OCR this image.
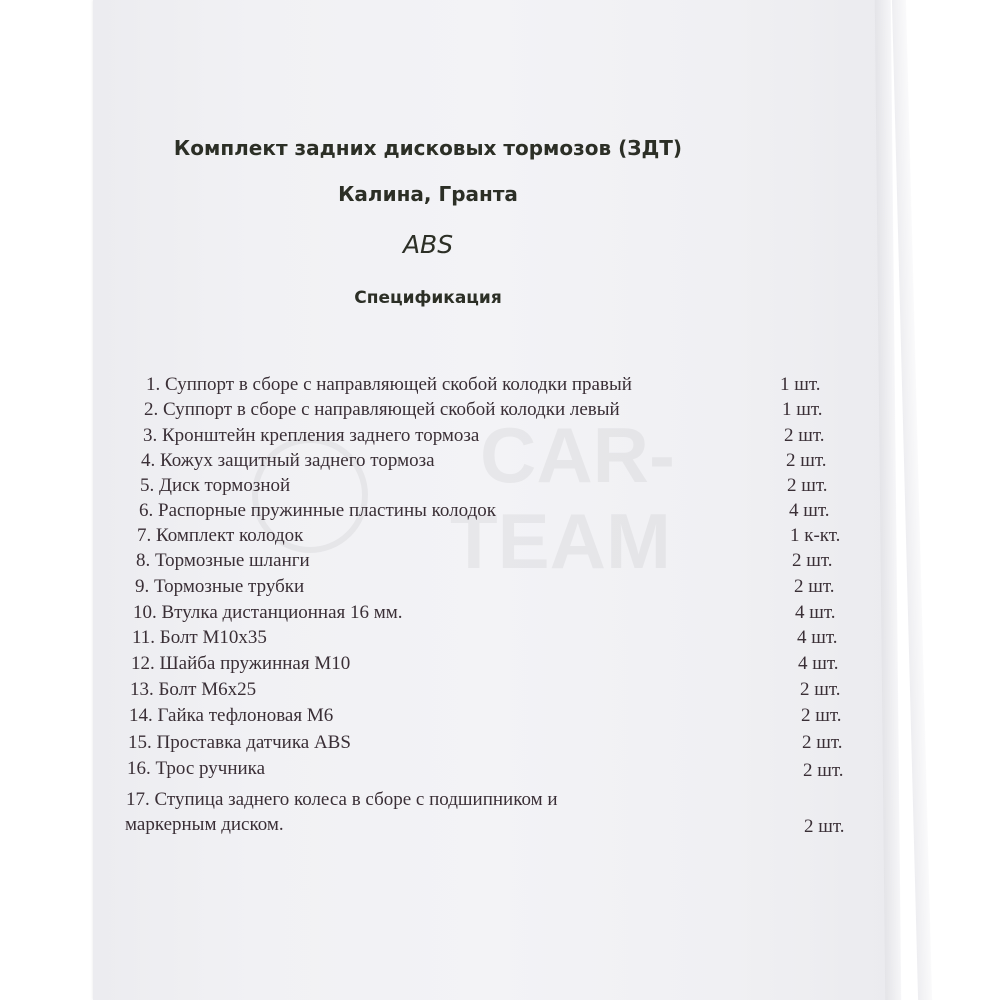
Комплект задних дисковых тормозов (ЗДТ)
Калина, Гранта
ABS
Спецификация
1. Суппорт в сборе с направляющей скобой колодки правый	1 шт.
2. Суппорт в сборе с направляющей скобой колодки левый	1 шт.
3. Кронштейн крепления заднего тормоза	2 шт.
4. Кожух защитный заднего тормоза	2 шт.
5. Диск тормозной	2 шт.
6. Распорные пружинные пластины колодок	4 шт.
7. Комплект колодок	1 к-кт.
8. Тормозные шланги	2 шт.
9. Тормозные трубки	2 шт.
10. Втулка дистанционная 16 мм.	4 шт.
11. Болт М10х35	4 шт.
12. Шайба пружинная М10	4 шт.
13. Болт М6х25	2 шт.
14. Гайка тефлоновая М6	2 шт.
15. Проставка датчика ABS	2 шт.
16. Трос ручника	2 шт.
17. Ступица заднего колеса в сборе с подшипником и
маркерным диском.	2 шт.
